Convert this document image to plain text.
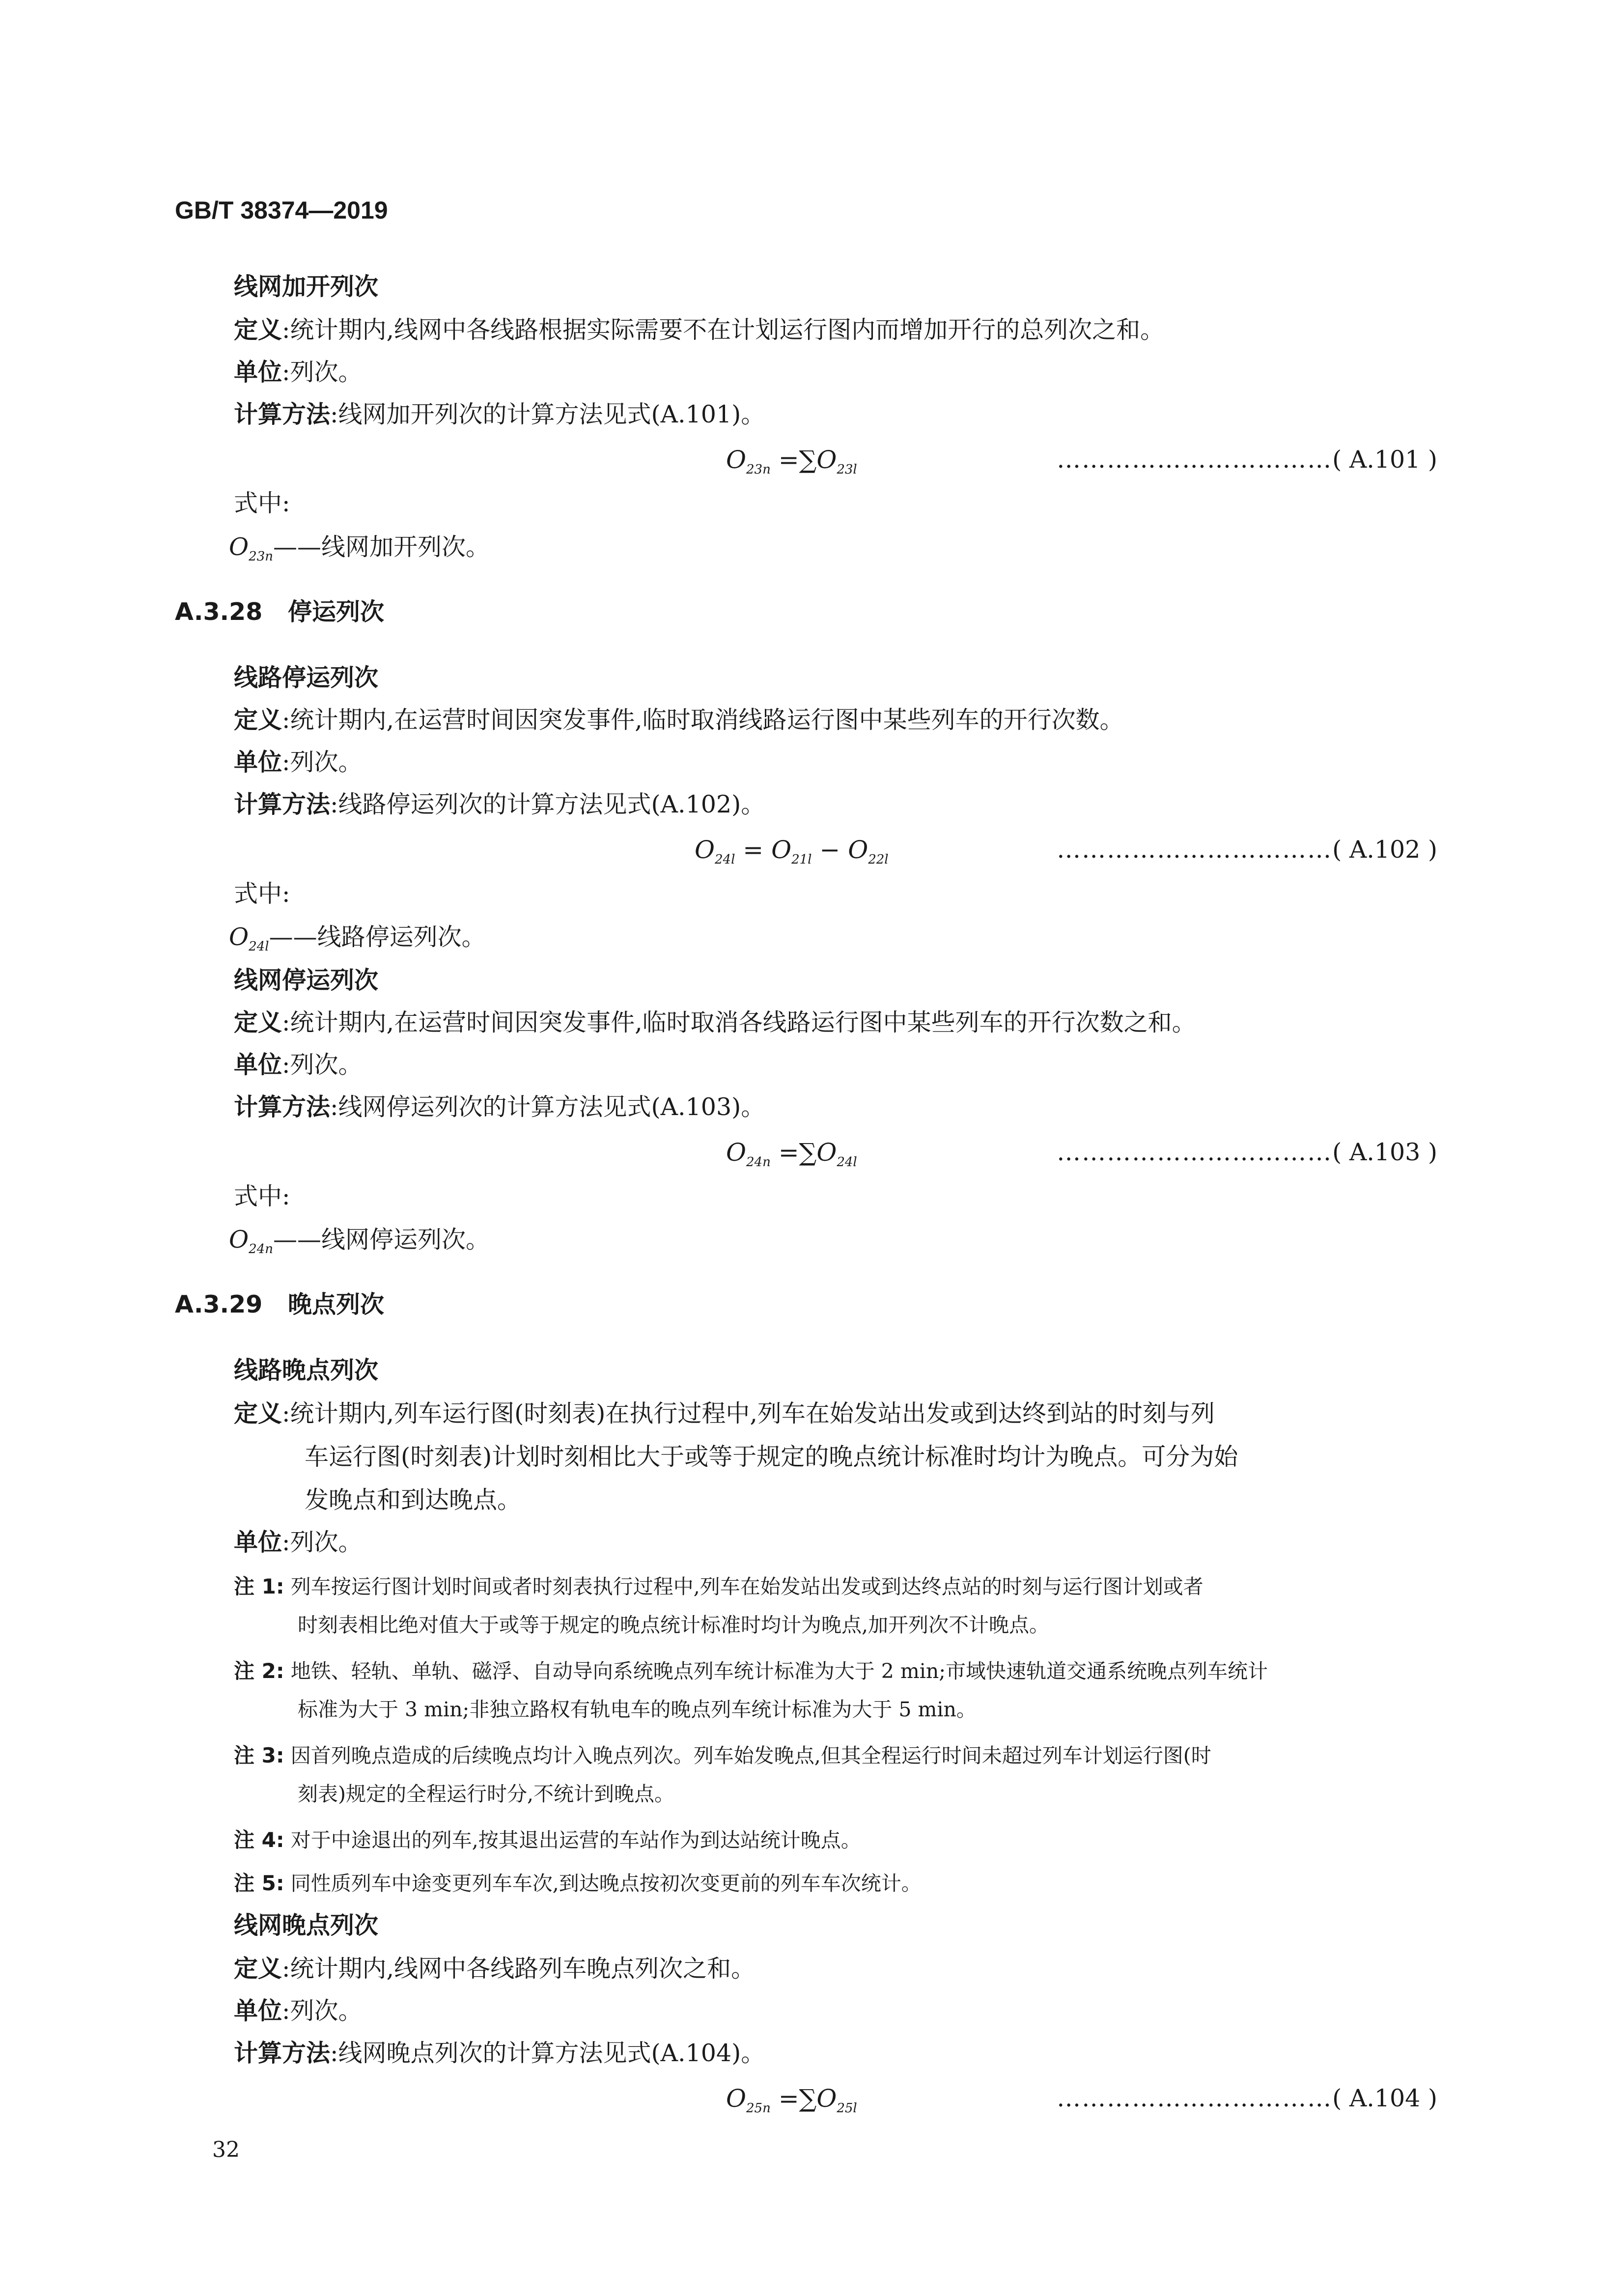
GB/T 38374—2019
线网加开列次
定义:统计期内,线网中各线路根据实际需要不在计划运行图内而增加开行的总列次之和。
单位:列次。
计算方法:线网加开列次的计算方法见式(A.101)。
$O_{23n} =\sum O_{23l}$	……………………………( A.101 )
式中:
$O_{23n}——$线网加开列次。
A.3.28 停运列次
线路停运列次
定义:统计期内,在运营时间因突发事件,临时取消线路运行图中某些列车的开行次数。
单位:列次。
计算方法:线路停运列次的计算方法见式(A.102)。
$O_{24l} = O_{21l} - O_{22l}$	……………………………( A.102 )
式中:
$O_{24l}——$线路停运列次。
线网停运列次
定义:统计期内,在运营时间因突发事件,临时取消各线路运行图中某些列车的开行次数之和。
单位:列次。
计算方法:线网停运列次的计算方法见式(A.103)。
$O_{24n} =\sum O_{24l}$	……………………………( A.103 )
式中:
$O_{24n}——$线网停运列次。
A.3.29 晚点列次
线路晚点列次
定义:统计期内,列车运行图(时刻表)在执行过程中,列车在始发站出发或到达终到站的时刻与列
车运行图(时刻表)计划时刻相比大于或等于规定的晚点统计标准时均计为晚点。可分为始
发晚点和到达晚点。
单位:列次。
注 1: 列车按运行图计划时间或者时刻表执行过程中,列车在始发站出发或到达终点站的时刻与运行图计划或者
时刻表相比绝对值大于或等于规定的晚点统计标准时均计为晚点,加开列次不计晚点。
注 2: 地铁、轻轨、单轨、磁浮、自动导向系统晚点列车统计标准为大于 2 min;市域快速轨道交通系统晚点列车统计
标准为大于 3 min;非独立路权有轨电车的晚点列车统计标准为大于 5 min。
注 3: 因首列晚点造成的后续晚点均计入晚点列次。列车始发晚点,但其全程运行时间未超过列车计划运行图(时
刻表)规定的全程运行时分,不统计到晚点。
注 4: 对于中途退出的列车,按其退出运营的车站作为到达站统计晚点。
注 5: 同性质列车中途变更列车车次,到达晚点按初次变更前的列车车次统计。
线网晚点列次
定义:统计期内,线网中各线路列车晚点列次之和。
单位:列次。
计算方法:线网晚点列次的计算方法见式(A.104)。
$O_{25n} =\sum O_{25l}$	……………………………( A.104 )
32
